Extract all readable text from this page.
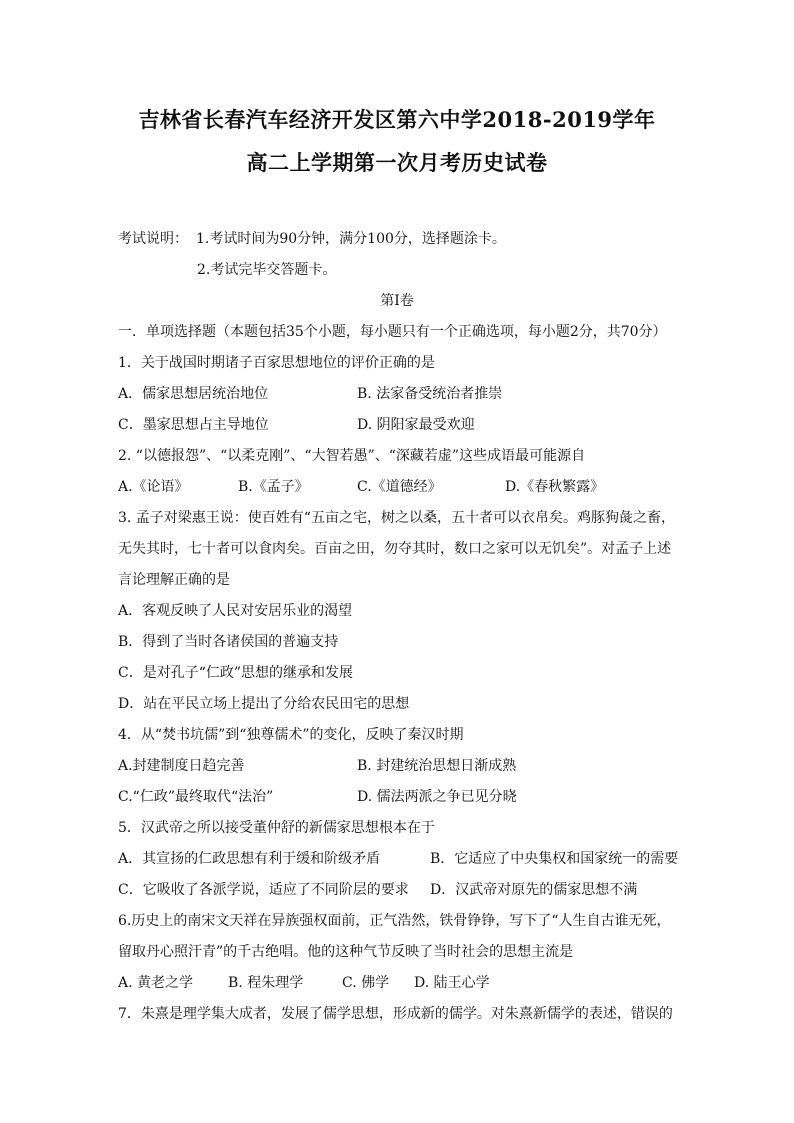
吉林省长春汽车经济开发区第六中学2018-2019学年
高二上学期第一次月考历史试卷
考试说明： 1.考试时间为90分钟，满分100分，选择题涂卡。
2.考试完毕交答题卡。
第Ⅰ卷
一．单项选择题（本题包括35个小题，每小题只有一个正确选项，每小题2分，共70分）
1．关于战国时期诸子百家思想地位的评价正确的是
A．儒家思想居统治地位	B. 法家备受统治者推崇
C．墨家思想占主导地位	D. 阴阳家最受欢迎
2. “以德报怨”、“以柔克刚”、“大智若愚”、“深藏若虚”这些成语最可能源自
A.《论语》	B.《孟子》	C.《道德经》	D.《春秋繁露》
3. 孟子对梁惠王说：使百姓有“五亩之宅，树之以桑，五十者可以衣帛矣。鸡豚狗彘之畜，
无失其时，七十者可以食肉矣。百亩之田，勿夺其时，数口之家可以无饥矣”。对孟子上述
言论理解正确的是
A．客观反映了人民对安居乐业的渴望
B．得到了当时各诸侯国的普遍支持
C．是对孔子“仁政”思想的继承和发展
D．站在平民立场上提出了分给农民田宅的思想
4．从“焚书坑儒”到“独尊儒术”的变化，反映了秦汉时期
A.封建制度日趋完善	B. 封建统治思想日渐成熟
C.“仁政”最终取代“法治”	D. 儒法两派之争已见分晓
5．汉武帝之所以接受董仲舒的新儒家思想根本在于
A．其宣扬的仁政思想有利于缓和阶级矛盾	B．它适应了中央集权和国家统一的需要
C．它吸收了各派学说，适应了不同阶层的要求 D．汉武帝对原先的儒家思想不满
6.历史上的南宋文天祥在异族强权面前，正气浩然，铁骨铮铮，写下了“人生自古谁无死，
留取丹心照汗青”的千古绝唱。他的这种气节反映了当时社会的思想主流是
A. 黄老之学 B. 程朱理学	C. 佛学 D. 陆王心学
7．朱熹是理学集大成者，发展了儒学思想，形成新的儒学。对朱熹新儒学的表述，错误的
